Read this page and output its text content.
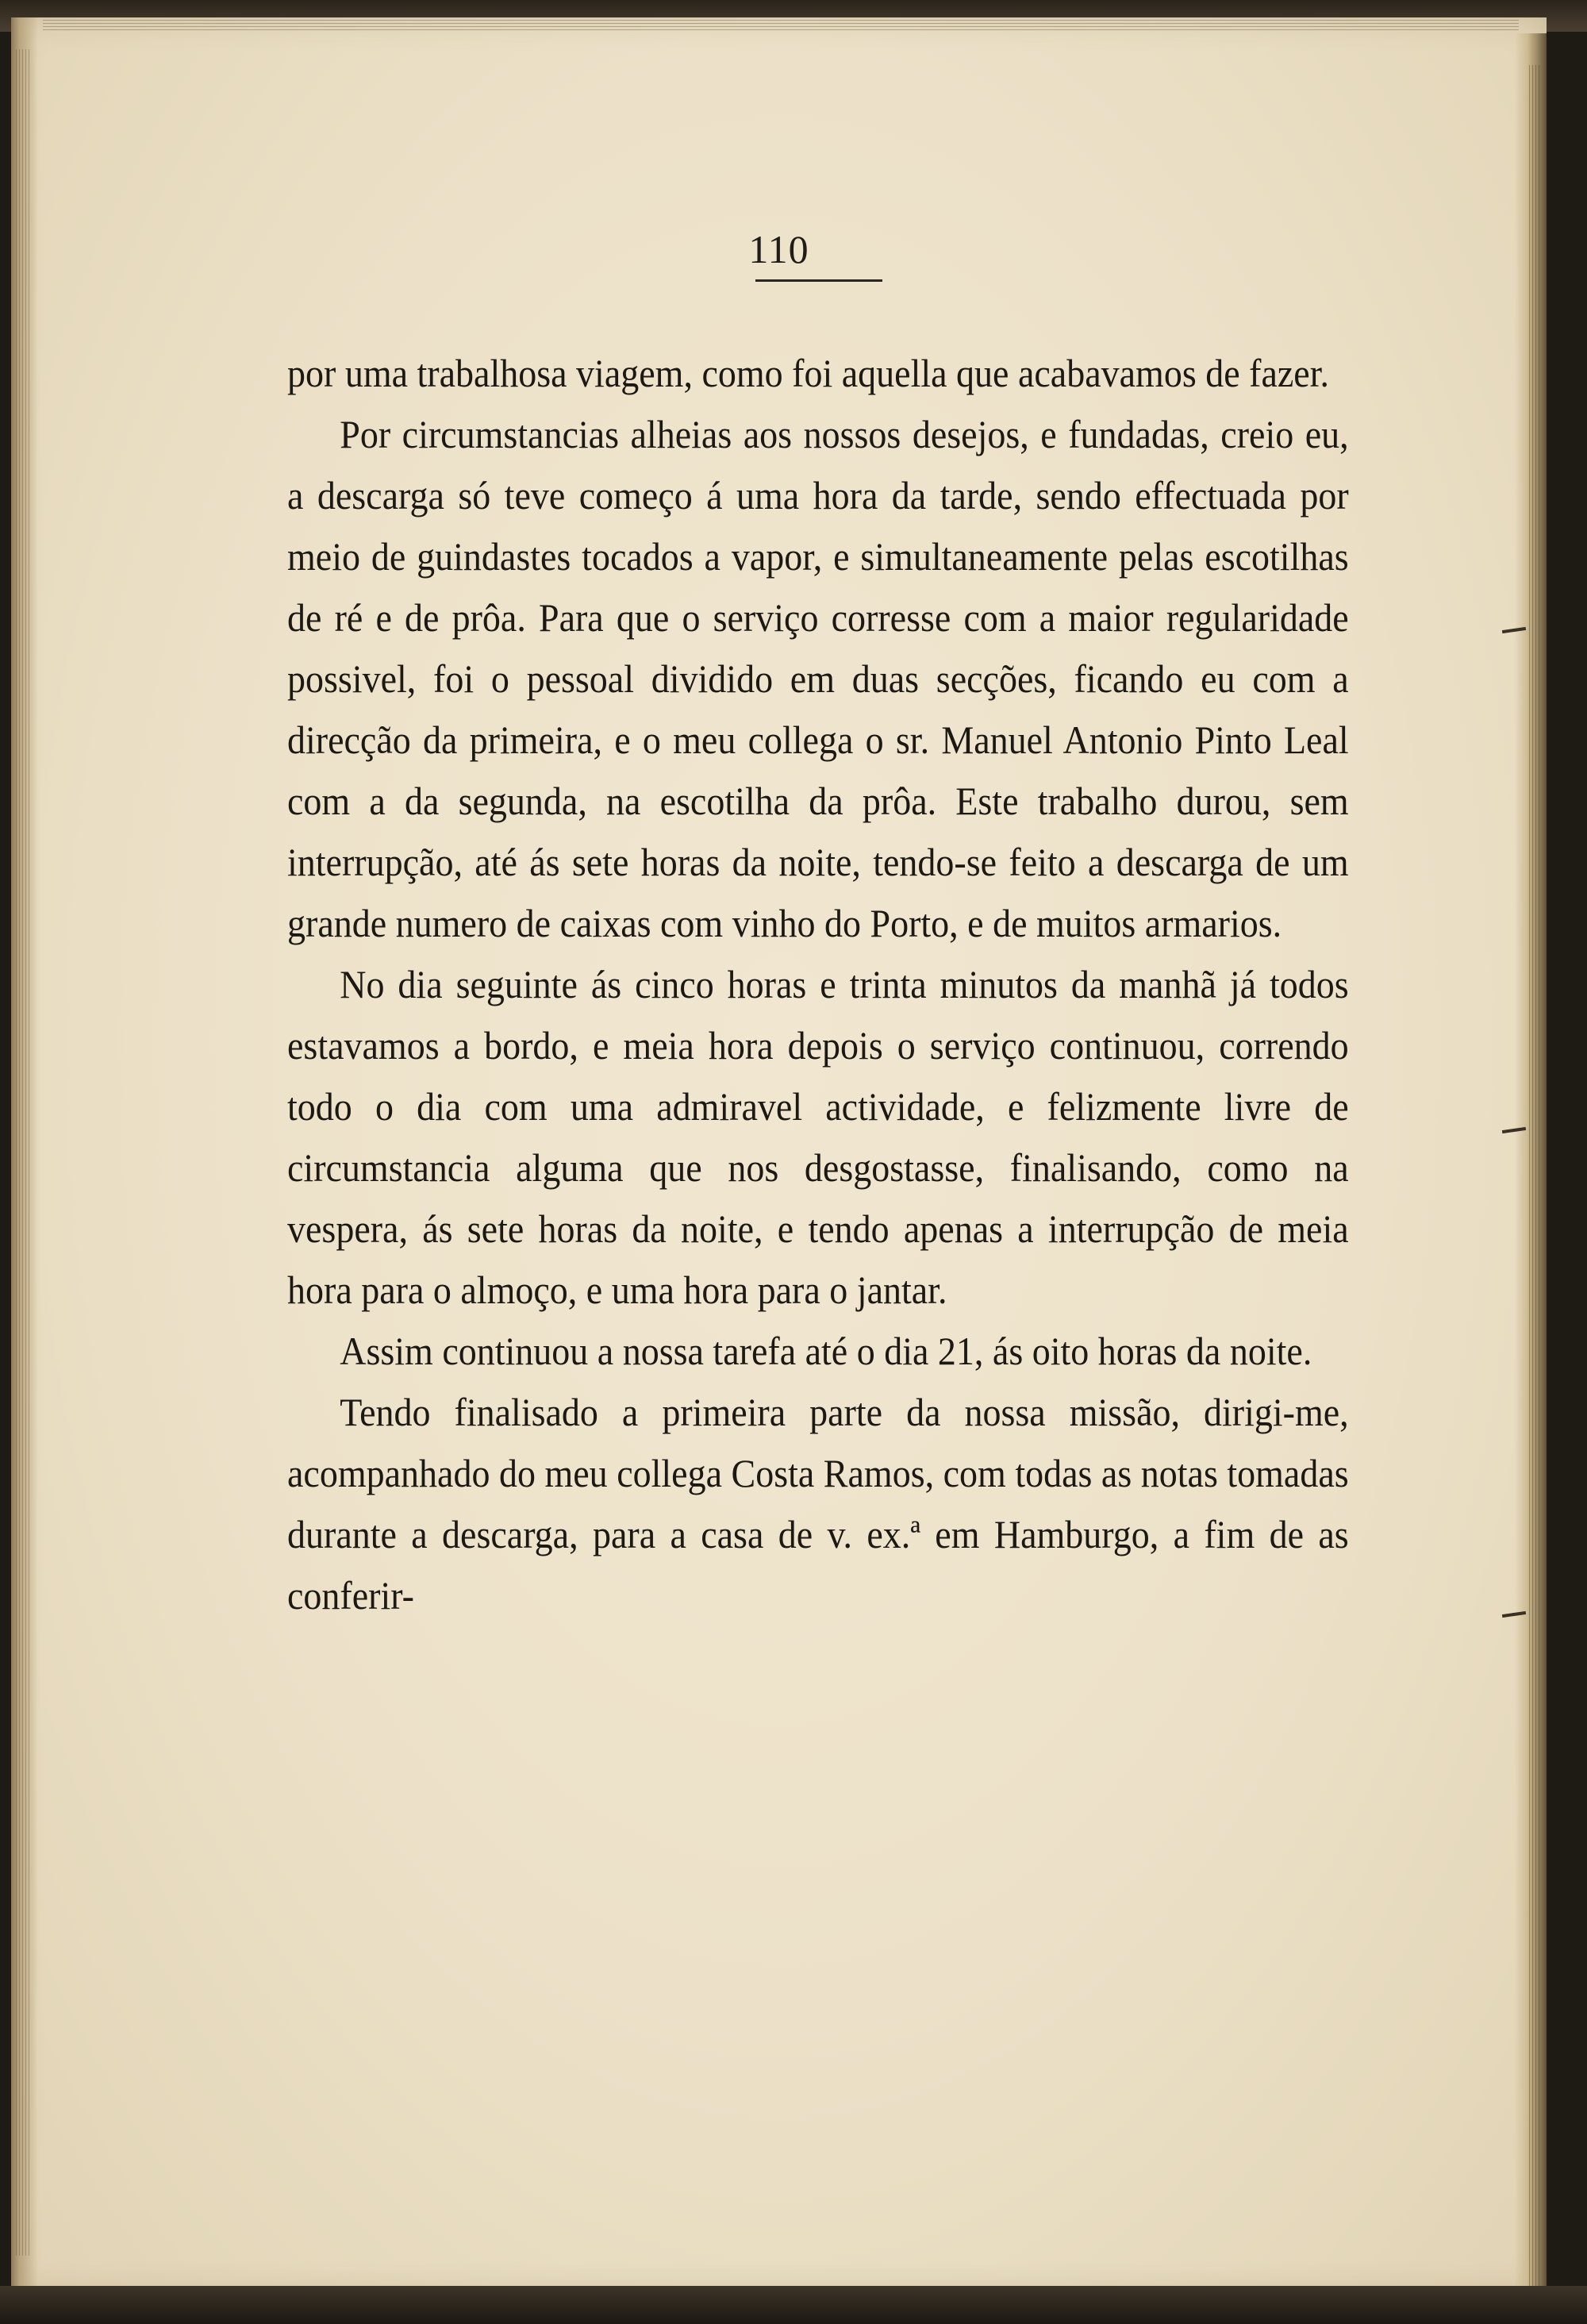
110

por uma trabalhosa viagem, como foi aquella que acabavamos de fazer.

Por circumstancias alheias aos nossos desejos, e fundadas, creio eu, a descarga só teve começo á uma hora da tarde, sendo effectuada por meio de guindastes tocados a vapor, e simultaneamente pelas escotilhas de ré e de prôa. Para que o serviço corresse com a maior regularidade possivel, foi o pessoal dividido em duas secções, ficando eu com a direcção da primeira, e o meu collega o sr. Manuel Antonio Pinto Leal com a da segunda, na escotilha da prôa. Este trabalho durou, sem interrupção, até ás sete horas da noite, tendo-se feito a descarga de um grande numero de caixas com vinho do Porto, e de muitos armarios.

No dia seguinte ás cinco horas e trinta minutos da manhã já todos estavamos a bordo, e meia hora depois o serviço continuou, correndo todo o dia com uma admiravel actividade, e felizmente livre de circumstancia alguma que nos desgostasse, finalisando, como na vespera, ás sete horas da noite, e tendo apenas a interrupção de meia hora para o almoço, e uma hora para o jantar.

Assim continuou a nossa tarefa até o dia 21, ás oito horas da noite.

Tendo finalisado a primeira parte da nossa missão, dirigi-me, acompanhado do meu collega Costa Ramos, com todas as notas tomadas durante a descarga, para a casa de v. ex.ª em Hamburgo, a fim de as conferir-
